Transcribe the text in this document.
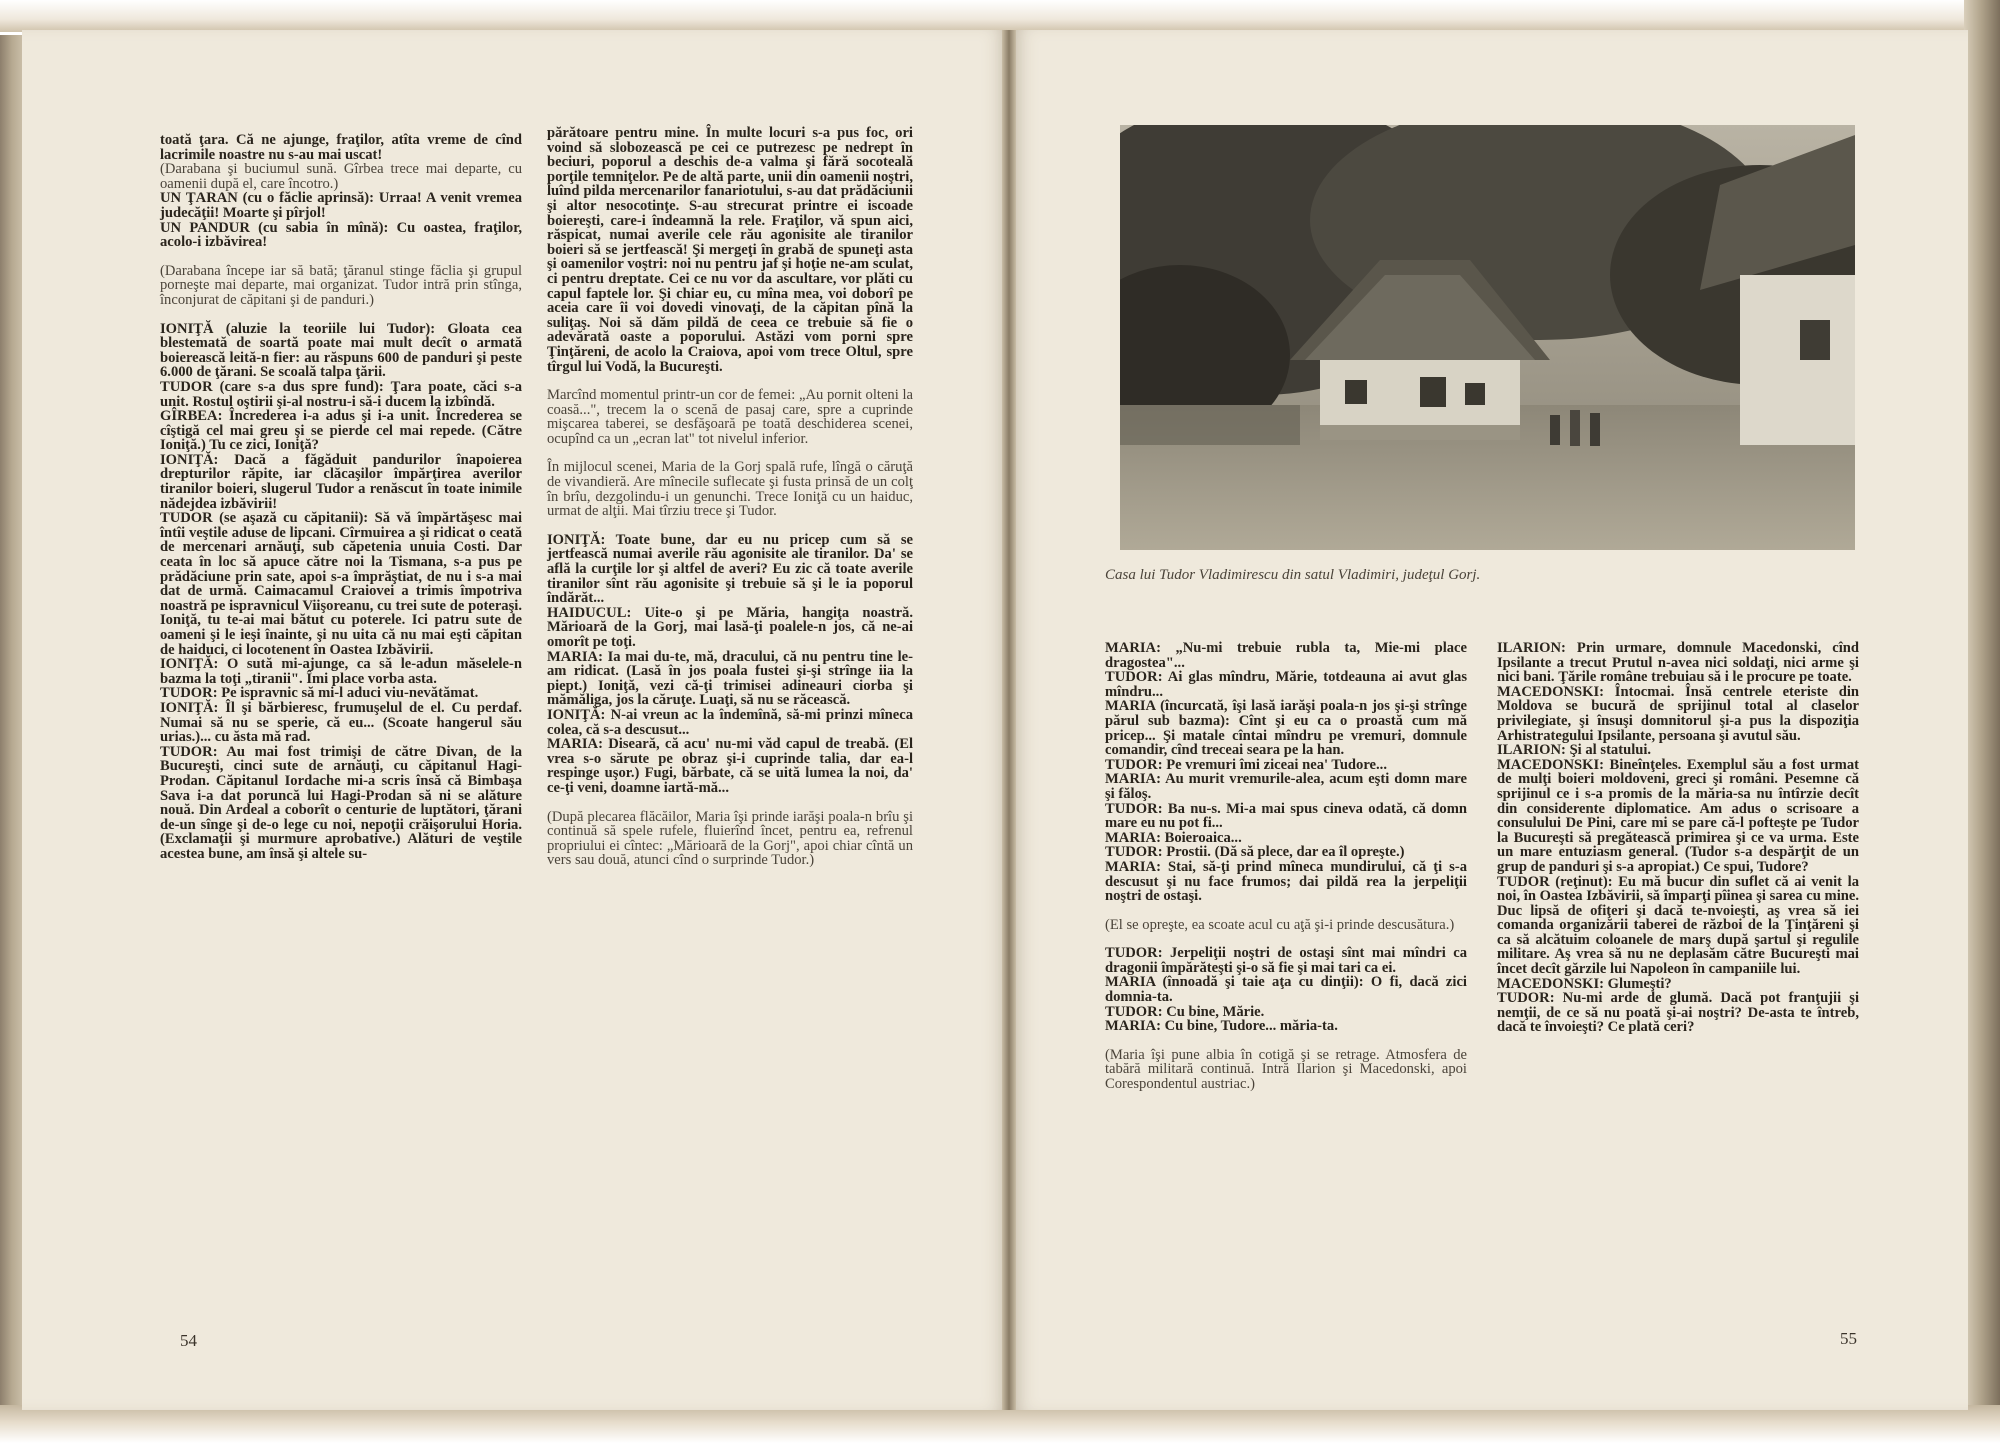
toată ţara. Că ne ajunge, fraţilor, atîta vreme de cînd lacrimile noastre nu s-au mai uscat!

(Darabana şi buciumul sună. Gîrbea trece mai departe, cu oamenii după el, care încotro.)

UN ŢARAN (cu o făclie aprinsă): Urraa! A venit vremea judecăţii! Moarte şi pîrjol!

UN PANDUR (cu sabia în mînă): Cu oastea, fraţilor, acolo-i izbăvirea!

(Darabana începe iar să bată; ţăranul stinge făclia şi grupul porneşte mai departe, mai organizat. Tudor intră prin stînga, înconjurat de căpitani şi de panduri.)

IONIŢĂ (aluzie la teoriile lui Tudor): Gloata cea blestemată de soartă poate mai mult decît o armată boierească leită-n fier: au răspuns 600 de panduri şi peste 6.000 de ţărani. Se scoală talpa ţării.

TUDOR (care s-a dus spre fund): Ţara poate, căci s-a unit. Rostul oştirii şi-al nostru-i să-i ducem la izbîndă.

GÎRBEA: Încrederea i-a adus şi i-a unit. Încrederea se cîştigă cel mai greu şi se pierde cel mai repede. (Către Ioniţă.) Tu ce zici, Ioniţă?

IONIŢĂ: Dacă a făgăduit pandurilor înapoierea drepturilor răpite, iar clăcaşilor împărţirea averilor tiranilor boieri, slugerul Tudor a renăscut în toate inimile nădejdea izbăvirii!

TUDOR (se aşază cu căpitanii): Să vă împărtăşesc mai întîi veştile aduse de lipcani. Cîrmuirea a şi ridicat o ceată de mercenari arnăuţi, sub căpetenia unuia Costi. Dar ceata în loc să apuce către noi la Tismana, s-a pus pe prădăciune prin sate, apoi s-a împrăştiat, de nu i s-a mai dat de urmă. Caimacamul Craiovei a trimis împotriva noastră pe ispravnicul Viişoreanu, cu trei sute de poteraşi. Ioniţă, tu te-ai mai bătut cu poterele. Ici patru sute de oameni şi le ieşi înainte, şi nu uita că nu mai eşti căpitan de haiduci, ci locotenent în Oastea Izbăvirii.

IONIŢĂ: O sută mi-ajunge, ca să le-adun măselele-n bazma la toţi „tiranii". Îmi place vorba asta.

TUDOR: Pe ispravnic să mi-l aduci viu-nevătămat.

IONIŢĂ: Îl şi bărbieresc, frumuşelul de el. Cu perdaf. Numai să nu se sperie, că eu... (Scoate hangerul său urias.)... cu ăsta mă rad.

TUDOR: Au mai fost trimişi de către Divan, de la Bucureşti, cinci sute de arnăuţi, cu căpitanul Hagi-Prodan. Căpitanul Iordache mi-a scris însă că Bimbaşa Sava i-a dat poruncă lui Hagi-Prodan să ni se alăture nouă. Din Ardeal a coborît o centurie de luptători, ţărani de-un sînge şi de-o lege cu noi, nepoţii crăişorului Horia. (Exclamaţii şi murmure aprobative.) Alături de veştile acestea bune, am însă şi altele su-

părătoare pentru mine. În multe locuri s-a pus foc, ori voind să slobozească pe cei ce putrezesc pe nedrept în beciuri, poporul a deschis de-a valma şi fără socoteală porţile temniţelor. Pe de altă parte, unii din oamenii noştri, luînd pilda mercenarilor fanariotului, s-au dat prădăciunii şi altor nesocotinţe. S-au strecurat printre ei iscoade boiereşti, care-i îndeamnă la rele. Fraţilor, vă spun aici, răspicat, numai averile cele rău agonisite ale tiranilor boieri să se jertfească! Şi mergeţi în grabă de spuneţi asta şi oamenilor voştri: noi nu pentru jaf şi hoţie ne-am sculat, ci pentru dreptate. Cei ce nu vor da ascultare, vor plăti cu capul faptele lor. Şi chiar eu, cu mîna mea, voi doborî pe aceia care îi voi dovedi vinovaţi, de la căpitan pînă la suliţaş. Noi să dăm pildă de ceea ce trebuie să fie o adevărată oaste a poporului. Astăzi vom porni spre Ţinţăreni, de acolo la Craiova, apoi vom trece Oltul, spre tîrgul lui Vodă, la Bucureşti.

Marcînd momentul printr-un cor de femei: „Au pornit olteni la coasă...", trecem la o scenă de pasaj care, spre a cuprinde mişcarea taberei, se desfăşoară pe toată deschiderea scenei, ocupînd ca un „ecran lat" tot nivelul inferior.

În mijlocul scenei, Maria de la Gorj spală rufe, lîngă o căruţă de vivandieră. Are mînecile suflecate şi fusta prinsă de un colţ în brîu, dezgolindu-i un genunchi. Trece Ioniţă cu un haiduc, urmat de alţii. Mai tîrziu trece şi Tudor.

IONIŢĂ: Toate bune, dar eu nu pricep cum să se jertfească numai averile rău agonisite ale tiranilor. Da' se află la curţile lor şi altfel de averi? Eu zic că toate averile tiranilor sînt rău agonisite şi trebuie să şi le ia poporul îndărăt...

HAIDUCUL: Uite-o şi pe Măria, hangiţa noastră. Mărioară de la Gorj, mai lasă-ţi poalele-n jos, că ne-ai omorît pe toţi.

MARIA: Ia mai du-te, mă, dracului, că nu pentru tine le-am ridicat. (Lasă în jos poala fustei şi-şi strînge iia la piept.) Ioniţă, vezi că-ţi trimisei adineauri ciorba şi mămăliga, jos la căruţe. Luaţi, să nu se răcească.

IONIŢĂ: N-ai vreun ac la îndemînă, să-mi prinzi mîneca colea, că s-a descusut...

MARIA: Diseară, că acu' nu-mi văd capul de treabă. (El vrea s-o sărute pe obraz şi-i cuprinde talia, dar ea-l respinge uşor.) Fugi, bărbate, că se uită lumea la noi, da' ce-ţi veni, doamne iartă-mă...

(După plecarea flăcăilor, Maria îşi prinde iarăşi poala-n brîu şi continuă să spele rufele, fluierînd încet, pentru ea, refrenul propriului ei cîntec: „Mărioară de la Gorj", apoi chiar cîntă un vers sau două, atunci cînd o surprinde Tudor.)

Casa lui Tudor Vladimirescu din satul Vladimiri, judeţul Gorj.

MARIA: „Nu-mi trebuie rubla ta, Mie-mi place dragostea"...

TUDOR: Ai glas mîndru, Mărie, totdeauna ai avut glas mîndru...

MARIA (încurcată, îşi lasă iarăşi poala-n jos şi-şi strînge părul sub bazma): Cînt şi eu ca o proastă cum mă pricep... Şi matale cîntai mîndru pe vremuri, domnule comandir, cînd treceai seara pe la han.

TUDOR: Pe vremuri îmi ziceai nea' Tudore...

MARIA: Au murit vremurile-alea, acum eşti domn mare şi făloş.

TUDOR: Ba nu-s. Mi-a mai spus cineva odată, că domn mare eu nu pot fi...

MARIA: Boieroaica...

TUDOR: Prostii. (Dă să plece, dar ea îl opreşte.)

MARIA: Stai, să-ţi prind mîneca mundirului, că ţi s-a descusut şi nu face frumos; dai pildă rea la jerpeliţii noştri de ostaşi.

(El se opreşte, ea scoate acul cu aţă şi-i prinde descusătura.)

TUDOR: Jerpeliţii noştri de ostaşi sînt mai mîndri ca dragonii împărăteşti şi-o să fie şi mai tari ca ei.

MARIA (înnoadă şi taie aţa cu dinţii): O fi, dacă zici domnia-ta.

TUDOR: Cu bine, Mărie.

MARIA: Cu bine, Tudore... măria-ta.

(Maria îşi pune albia în cotigă şi se retrage. Atmosfera de tabără militară continuă. Intră Ilarion şi Macedonski, apoi Corespondentul austriac.)

ILARION: Prin urmare, domnule Macedonski, cînd Ipsilante a trecut Prutul n-avea nici soldaţi, nici arme şi nici bani. Ţările române trebuiau să i le procure pe toate.

MACEDONSKI: Întocmai. Însă centrele eteriste din Moldova se bucură de sprijinul total al claselor privilegiate, şi însuşi domnitorul şi-a pus la dispoziţia Arhistrategului Ipsilante, persoana şi avutul său.

ILARION: Şi al statului.

MACEDONSKI: Bineînţeles. Exemplul său a fost urmat de mulţi boieri moldoveni, greci şi români. Pesemne că sprijinul ce i s-a promis de la măria-sa nu întîrzie decît din considerente diplomatice. Am adus o scrisoare a consulului De Pini, care mi se pare că-l pofteşte pe Tudor la Bucureşti să pregătească primirea şi ce va urma. Este un mare entuziasm general. (Tudor s-a despărţit de un grup de panduri şi s-a apropiat.) Ce spui, Tudore?

TUDOR (reţinut): Eu mă bucur din suflet că ai venit la noi, în Oastea Izbăvirii, să împarţi pîinea şi sarea cu mine. Duc lipsă de ofiţeri şi dacă te-nvoieşti, aş vrea să iei comanda organizării taberei de război de la Ţinţăreni şi ca să alcătuim coloanele de marş după şartul şi regulile militare. Aş vrea să nu ne deplasăm către Bucureşti mai încet decît gărzile lui Napoleon în campaniile lui.

MACEDONSKI: Glumeşti?

TUDOR: Nu-mi arde de glumă. Dacă pot franţujii şi nemţii, de ce să nu poată şi-ai noştri? De-asta te întreb, dacă te învoieşti? Ce plată ceri?

54	55
